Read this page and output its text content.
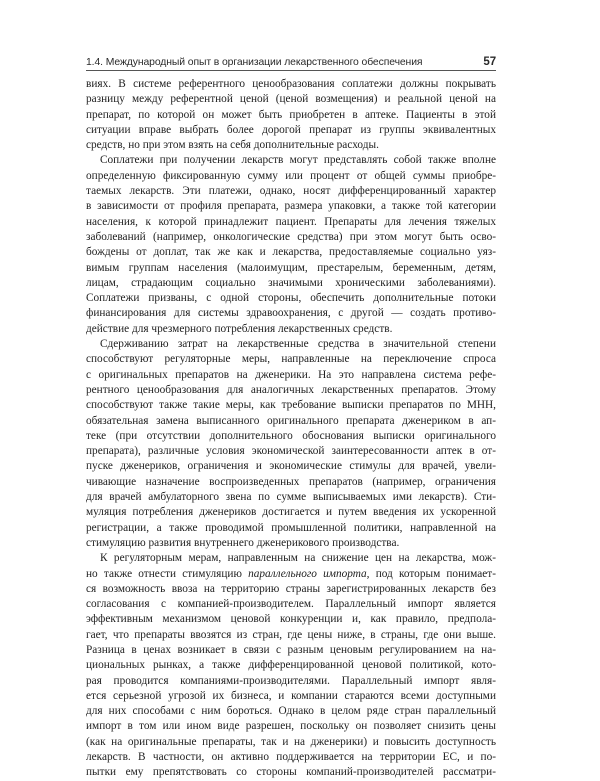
1.4. Международный опыт в организации лекарственного обеспечения	57
виях. В системе референтного ценообразования соплатежи должны покрывать
разницу между референтной ценой (ценой возмещения) и реальной ценой на
препарат, по которой он может быть приобретен в аптеке. Пациенты в этой
ситуации вправе выбрать более дорогой препарат из группы эквивалентных
средств, но при этом взять на себя дополнительные расходы.
Соплатежи при получении лекарств могут представлять собой также вполне
определенную фиксированную сумму или процент от общей суммы приобре-
таемых лекарств. Эти платежи, однако, носят дифференцированный характер
в зависимости от профиля препарата, размера упаковки, а также той категории
населения, к которой принадлежит пациент. Препараты для лечения тяжелых
заболеваний (например, онкологические средства) при этом могут быть осво-
бождены от доплат, так же как и лекарства, предоставляемые социально уяз-
вимым группам населения (малоимущим, престарелым, беременным, детям,
лицам, страдающим социально значимыми хроническими заболеваниями).
Соплатежи призваны, с одной стороны, обеспечить дополнительные потоки
финансирования для системы здравоохранения, с другой — создать противо-
действие для чрезмерного потребления лекарственных средств.
Сдерживанию затрат на лекарственные средства в значительной степени
способствуют регуляторные меры, направленные на переключение спроса
с оригинальных препаратов на дженерики. На это направлена система рефе-
рентного ценообразования для аналогичных лекарственных препаратов. Этому
способствуют также такие меры, как требование выписки препаратов по МНН,
обязательная замена выписанного оригинального препарата дженериком в ап-
теке (при отсутствии дополнительного обоснования выписки оригинального
препарата), различные условия экономической заинтересованности аптек в от-
пуске дженериков, ограничения и экономические стимулы для врачей, увели-
чивающие назначение воспроизведенных препаратов (например, ограничения
для врачей амбулаторного звена по сумме выписываемых ими лекарств). Сти-
муляция потребления дженериков достигается и путем введения их ускоренной
регистрации, а также проводимой промышленной политики, направленной на
стимуляцию развития внутреннего дженерикового производства.
К регуляторным мерам, направленным на снижение цен на лекарства, мож-
но также отнести стимуляцию параллельного импорта, под которым понимает-
ся возможность ввоза на территорию страны зарегистрированных лекарств без
согласования с компанией-производителем. Параллельный импорт является
эффективным механизмом ценовой конкуренции и, как правило, предпола-
гает, что препараты ввозятся из стран, где цены ниже, в страны, где они выше.
Разница в ценах возникает в связи с разным ценовым регулированием на на-
циональных рынках, а также дифференцированной ценовой политикой, кото-
рая проводится компаниями-производителями. Параллельный импорт явля-
ется серьезной угрозой их бизнеса, и компании стараются всеми доступными
для них способами с ним бороться. Однако в целом ряде стран параллельный
импорт в том или ином виде разрешен, поскольку он позволяет снизить цены
(как на оригинальные препараты, так и на дженерики) и повысить доступность
лекарств. В частности, он активно поддерживается на территории ЕС, и по-
пытки ему препятствовать со стороны компаний-производителей рассматри-
